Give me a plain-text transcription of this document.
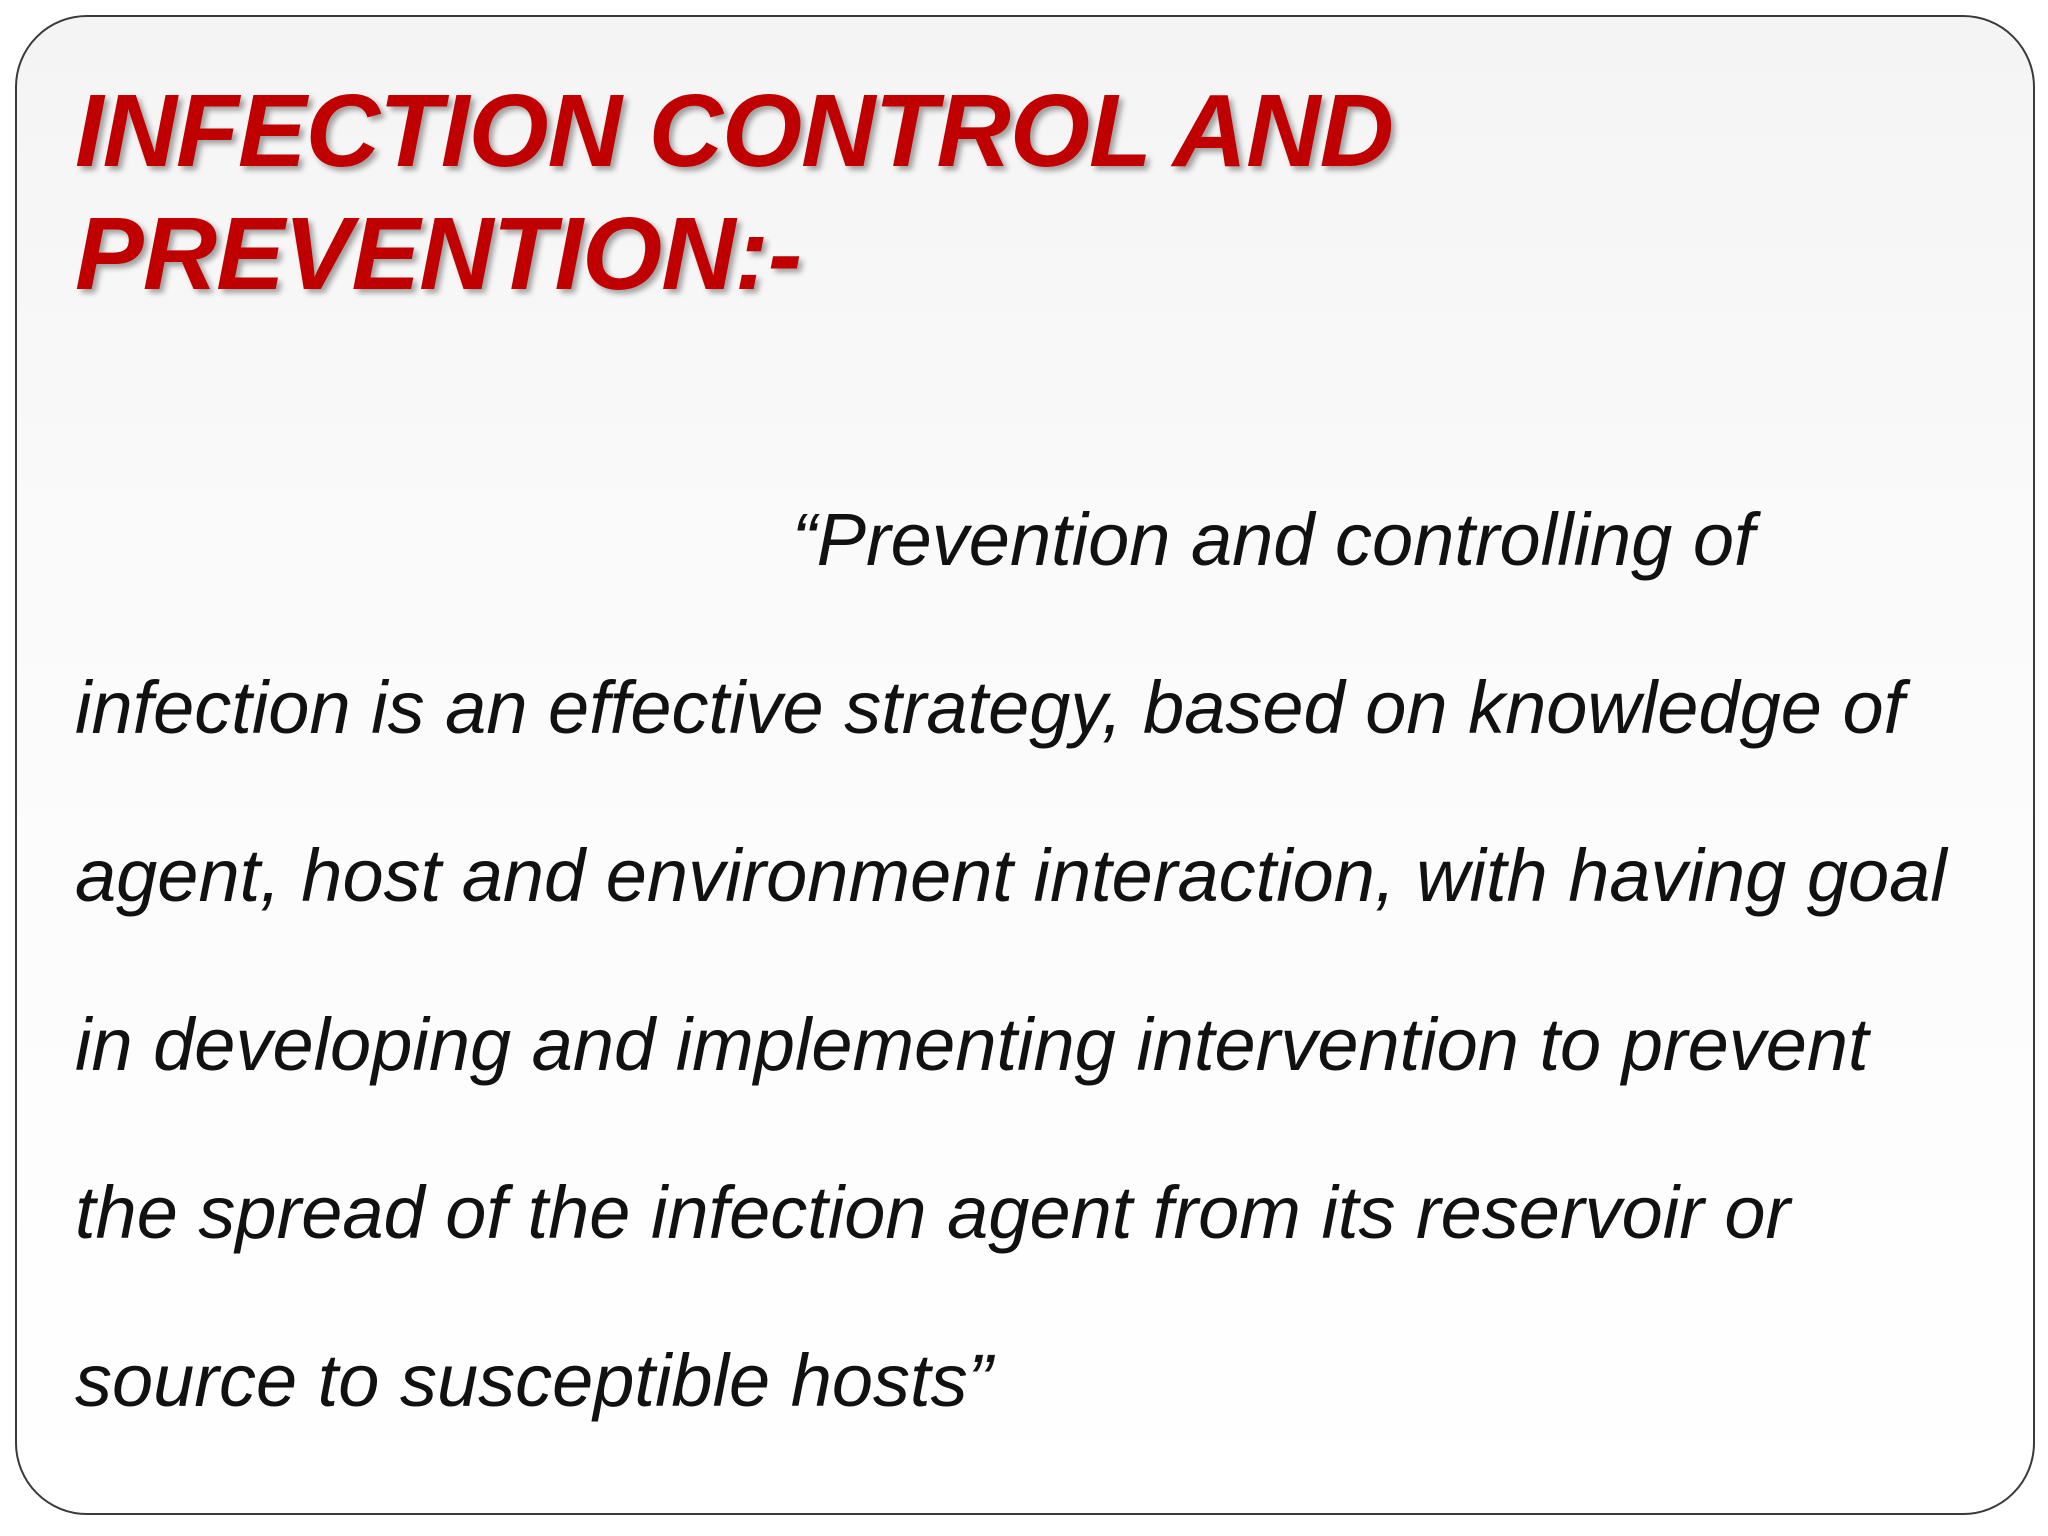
INFECTION CONTROL AND
PREVENTION:-
“Prevention and controlling of
infection is an effective strategy, based on knowledge of
agent, host and environment interaction, with having goal
in developing and implementing intervention to prevent
the spread of the infection agent from its reservoir or
source to susceptible hosts”
